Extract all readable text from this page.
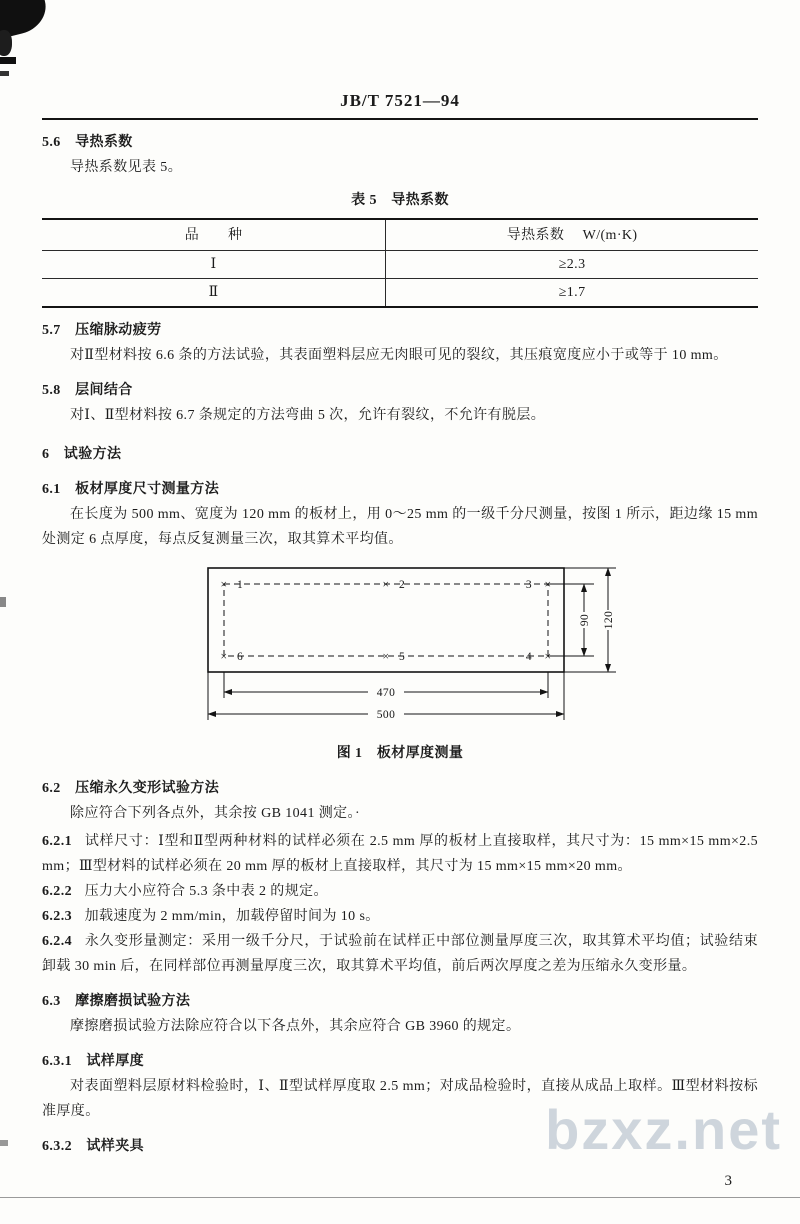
JB/T 7521—94
5.6　导热系数

导热系数见表 5。

表 5　导热系数
品　　种	导热系数　 W/(m·K)
Ⅰ	≥2.3
Ⅱ	≥1.7
5.7　压缩脉动疲劳

对Ⅱ型材料按 6.6 条的方法试验，其表面塑料层应无肉眼可见的裂纹，其压痕宽度应小于或等于 10 mm。

5.8　层间结合

对Ⅰ、Ⅱ型材料按 6.7 条规定的方法弯曲 5 次，允许有裂纹，不允许有脱层。

6　试验方法
6.1　板材厚度尺寸测量方法

在长度为 500 mm、宽度为 120 mm 的板材上，用 0～25 mm 的一级千分尺测量，按图 1 所示，距边缘 15 mm 处测定 6 点厚度，每点反复测量三次，取其算术平均值。

×	×	×
×	×	×
1	2	3
6	5	4
470
500
90 120
图 1　板材厚度测量
6.2　压缩永久变形试验方法

除应符合下列各点外，其余按 GB 1041 测定。·

6.2.1 试样尺寸：Ⅰ型和Ⅱ型两种材料的试样必须在 2.5 mm 厚的板材上直接取样，其尺寸为：15 mm×15 mm×2.5 mm；Ⅲ型材料的试样必须在 20 mm 厚的板材上直接取样，其尺寸为 15 mm×15 mm×20 mm。

6.2.2 压力大小应符合 5.3 条中表 2 的规定。

6.2.3 加载速度为 2 mm/min，加载停留时间为 10 s。

6.2.4 永久变形量测定：采用一级千分尺，于试验前在试样正中部位测量厚度三次，取其算术平均值；试验结束卸载 30 min 后，在同样部位再测量厚度三次，取其算术平均值，前后两次厚度之差为压缩永久变形量。

6.3　摩擦磨损试验方法

摩擦磨损试验方法除应符合以下各点外，其余应符合 GB 3960 的规定。

6.3.1　试样厚度

对表面塑料层原材料检验时，Ⅰ、Ⅱ型试样厚度取 2.5 mm；对成品检验时，直接从成品上取样。Ⅲ型材料按标准厚度。

6.3.2　试样夹具	bzxz.net
3
